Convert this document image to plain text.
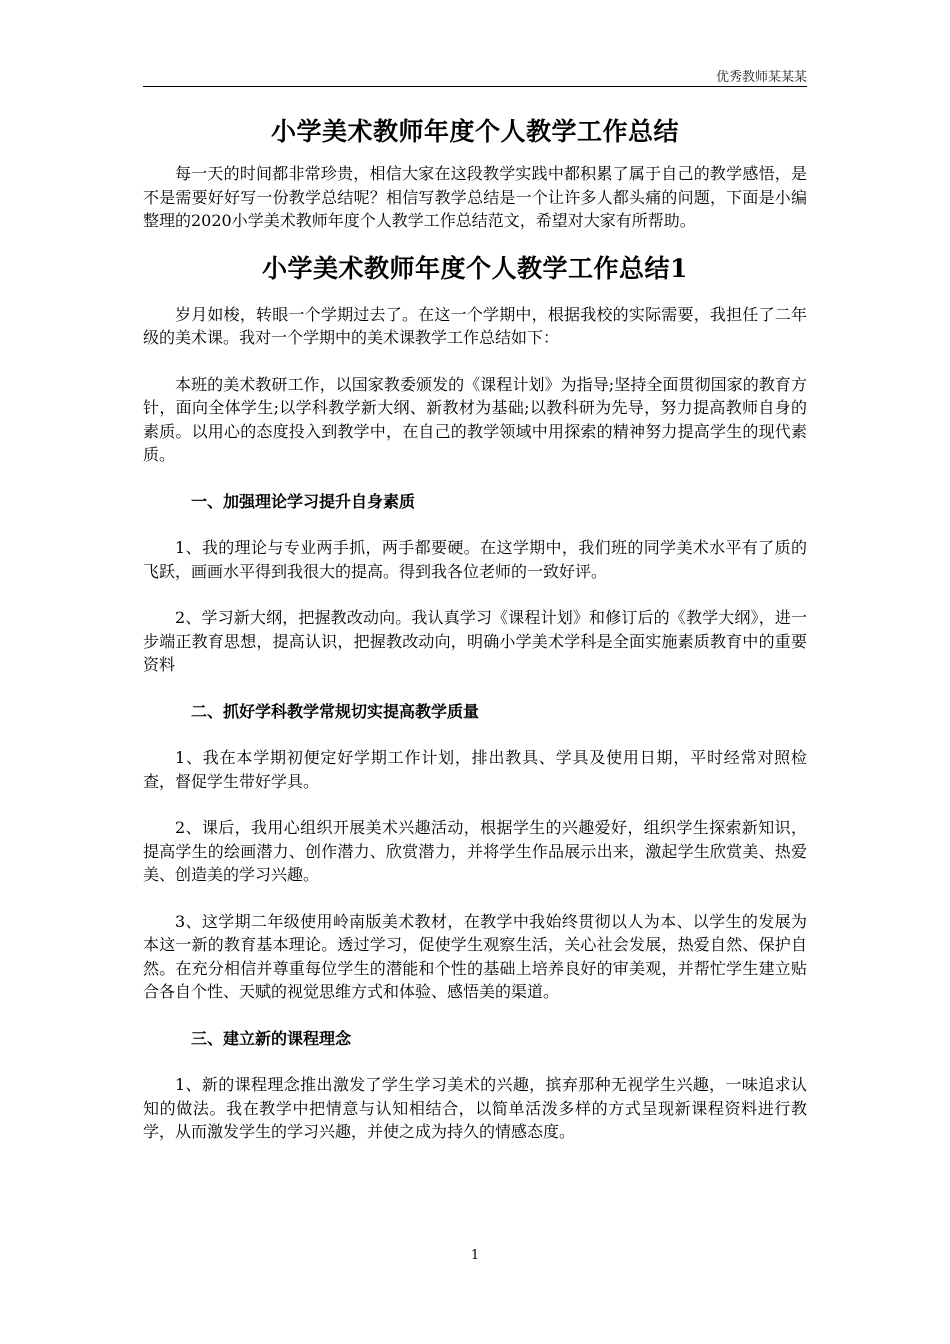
优秀教师某某某
小学美术教师年度个人教学工作总结

每一天的时间都非常珍贵，相信大家在这段教学实践中都积累了属于自己的教学感悟，是不是需要好好写一份教学总结呢？相信写教学总结是一个让许多人都头痛的问题，下面是小编整理的2020小学美术教师年度个人教学工作总结范文，希望对大家有所帮助。

小学美术教师年度个人教学工作总结1

岁月如梭，转眼一个学期过去了。在这一个学期中，根据我校的实际需要，我担任了二年级的美术课。我对一个学期中的美术课教学工作总结如下：

本班的美术教研工作，以国家教委颁发的《课程计划》为指导;坚持全面贯彻国家的教育方针，面向全体学生;以学科教学新大纲、新教材为基础;以教科研为先导，努力提高教师自身的素质。以用心的态度投入到教学中，在自己的教学领域中用探索的精神努力提高学生的现代素质。

一、加强理论学习提升自身素质

1、我的理论与专业两手抓，两手都要硬。在这学期中，我们班的同学美术水平有了质的飞跃，画画水平得到我很大的提高。得到我各位老师的一致好评。

2、学习新大纲，把握教改动向。我认真学习《课程计划》和修订后的《教学大纲》，进一步端正教育思想，提高认识，把握教改动向，明确小学美术学科是全面实施素质教育中的重要资料

二、抓好学科教学常规切实提高教学质量

1、我在本学期初便定好学期工作计划，排出教具、学具及使用日期，平时经常对照检查，督促学生带好学具。

2、课后，我用心组织开展美术兴趣活动，根据学生的兴趣爱好，组织学生探索新知识，提高学生的绘画潜力、创作潜力、欣赏潜力，并将学生作品展示出来，激起学生欣赏美、热爱美、创造美的学习兴趣。

3、这学期二年级使用岭南版美术教材，在教学中我始终贯彻以人为本、以学生的发展为本这一新的教育基本理论。透过学习，促使学生观察生活，关心社会发展，热爱自然、保护自然。在充分相信并尊重每位学生的潜能和个性的基础上培养良好的审美观，并帮忙学生建立贴合各自个性、天赋的视觉思维方式和体验、感悟美的渠道。

三、建立新的课程理念

1、新的课程理念推出激发了学生学习美术的兴趣，摈弃那种无视学生兴趣，一味追求认知的做法。我在教学中把情意与认知相结合，以简单活泼多样的方式呈现新课程资料进行教学，从而激发学生的学习兴趣，并使之成为持久的情感态度。

1
